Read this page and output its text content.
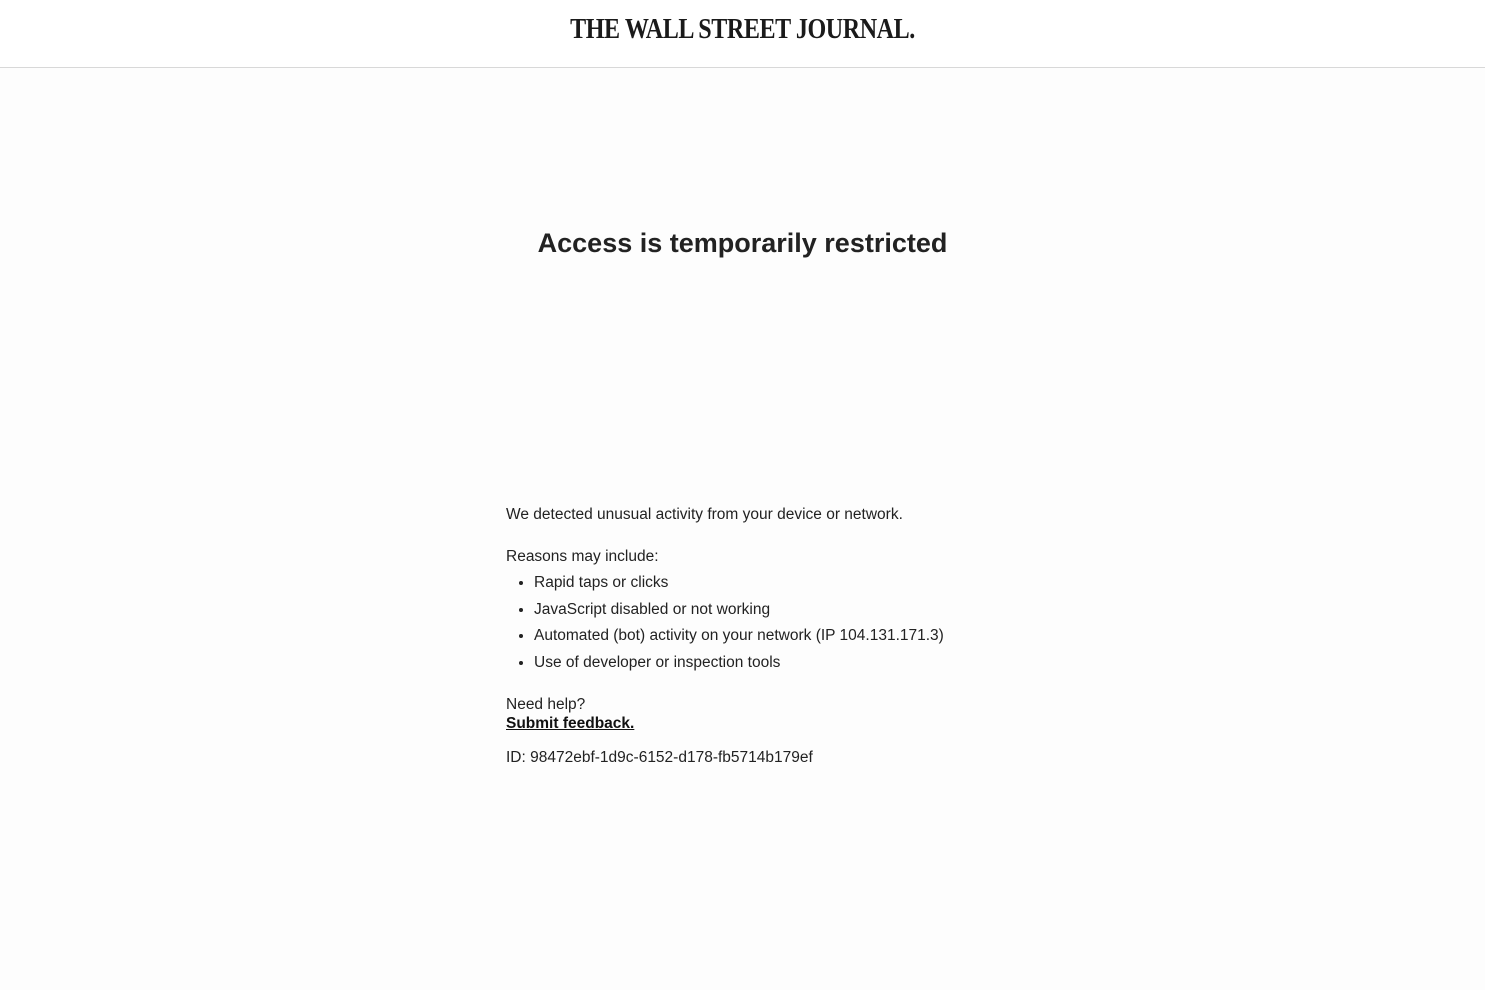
THE WALL STREET JOURNAL.
Access is temporarily restricted

We detected unusual activity from your device or network.

Reasons may include:

• Rapid taps or clicks
• JavaScript disabled or not working
• Automated (bot) activity on your network (IP 104.131.171.3)
• Use of developer or inspection tools

Need help?

Submit feedback.

ID: 98472ebf-1d9c-6152-d178-fb5714b179ef
